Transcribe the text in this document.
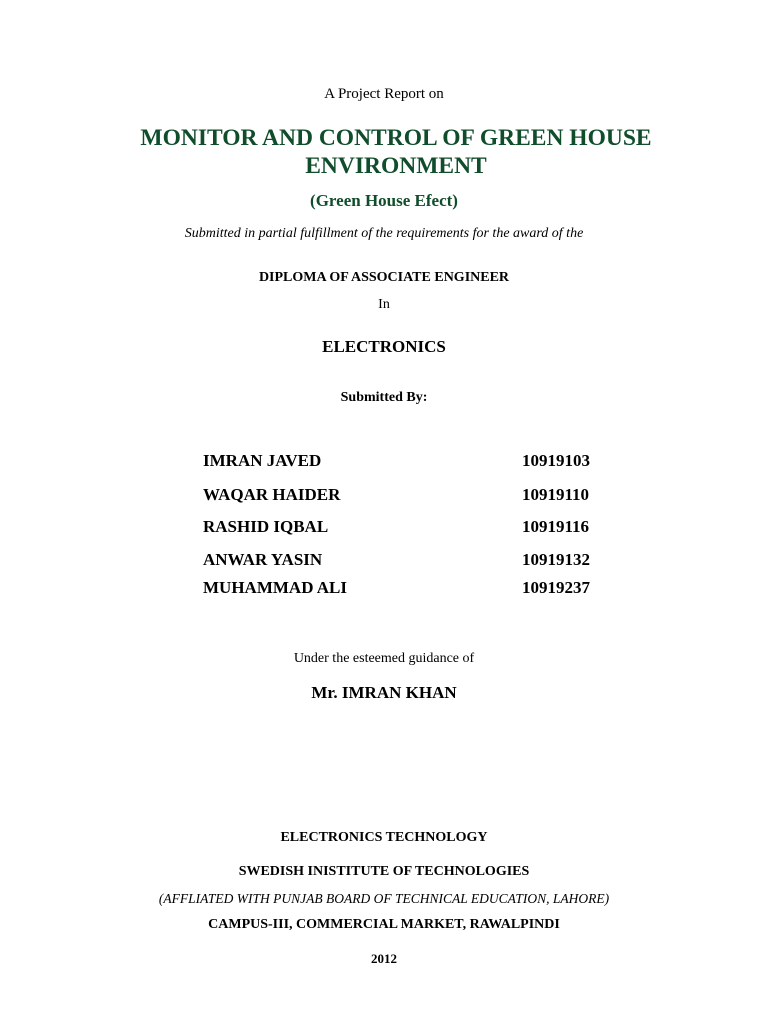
A Project Report on
MONITOR AND CONTROL OF GREEN HOUSE ENVIRONMENT
(Green House Efect)
Submitted in partial fulfillment of the requirements for the award of the
DIPLOMA OF ASSOCIATE ENGINEER
In
ELECTRONICS
Submitted By:
IMRAN JAVED	10919103
WAQAR HAIDER	10919110
RASHID IQBAL	10919116
ANWAR YASIN	10919132
MUHAMMAD ALI	10919237
Under the esteemed guidance of
Mr. IMRAN KHAN
ELECTRONICS TECHNOLOGY
SWEDISH INISTITUTE OF TECHNOLOGIES
(AFFLIATED WITH PUNJAB BOARD OF TECHNICAL EDUCATION, LAHORE)
CAMPUS-III, COMMERCIAL MARKET, RAWALPINDI
2012
